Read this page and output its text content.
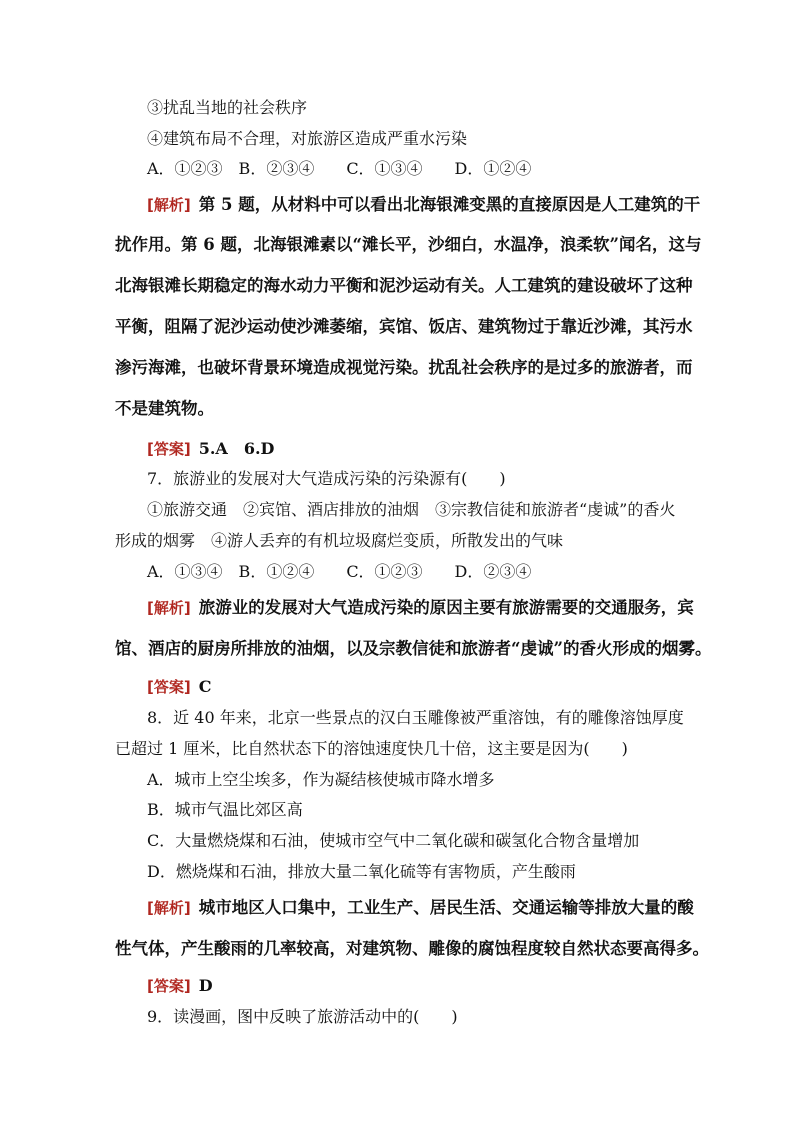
③扰乱当地的社会秩序
④建筑布局不合理，对旅游区造成严重水污染
A．①②③　B．②③④　　C．①③④　　D．①②④
[解析] 第 5 题，从材料中可以看出北海银滩变黑的直接原因是人工建筑的干
扰作用。第 6 题，北海银滩素以“滩长平，沙细白，水温净，浪柔软”闻名，这与
北海银滩长期稳定的海水动力平衡和泥沙运动有关。人工建筑的建设破坏了这种
平衡，阻隔了泥沙运动使沙滩萎缩，宾馆、饭店、建筑物过于靠近沙滩，其污水
渗污海滩，也破坏背景环境造成视觉污染。扰乱社会秩序的是过多的旅游者，而
不是建筑物。
[答案] 5.A　6.D
7．旅游业的发展对大气造成污染的污染源有(　　)
①旅游交通　②宾馆、酒店排放的油烟　③宗教信徒和旅游者“虔诚”的香火
形成的烟雾　④游人丢弃的有机垃圾腐烂变质，所散发出的气味
A．①③④　B．①②④　　C．①②③　　D．②③④
[解析] 旅游业的发展对大气造成污染的原因主要有旅游需要的交通服务，宾
馆、酒店的厨房所排放的油烟，以及宗教信徒和旅游者“虔诚”的香火形成的烟雾。
[答案] C
8．近 40 年来，北京一些景点的汉白玉雕像被严重溶蚀，有的雕像溶蚀厚度
已超过 1 厘米，比自然状态下的溶蚀速度快几十倍，这主要是因为(　　)
A．城市上空尘埃多，作为凝结核使城市降水增多
B．城市气温比郊区高
C．大量燃烧煤和石油，使城市空气中二氧化碳和碳氢化合物含量增加
D．燃烧煤和石油，排放大量二氧化硫等有害物质，产生酸雨
[解析] 城市地区人口集中，工业生产、居民生活、交通运输等排放大量的酸
性气体，产生酸雨的几率较高，对建筑物、雕像的腐蚀程度较自然状态要高得多。
[答案] D
9．读漫画，图中反映了旅游活动中的(　　)
